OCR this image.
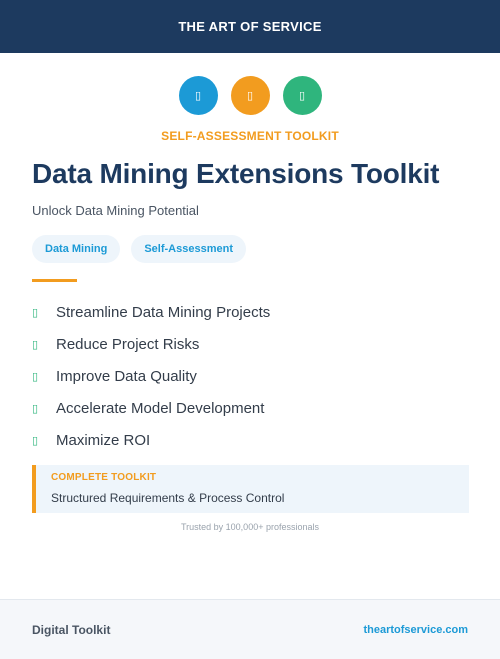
THE ART OF SERVICE
▯	▯	▯
SELF-ASSESSMENT TOOLKIT
Data Mining Extensions Toolkit
Unlock Data Mining Potential
Data Mining	Self-Assessment
▯ Streamline Data Mining Projects
▯ Reduce Project Risks
▯ Improve Data Quality
▯ Accelerate Model Development
▯ Maximize ROI
COMPLETE TOOLKIT
Structured Requirements & Process Control
Trusted by 100,000+ professionals
Digital Toolkit	theartofservice.com
